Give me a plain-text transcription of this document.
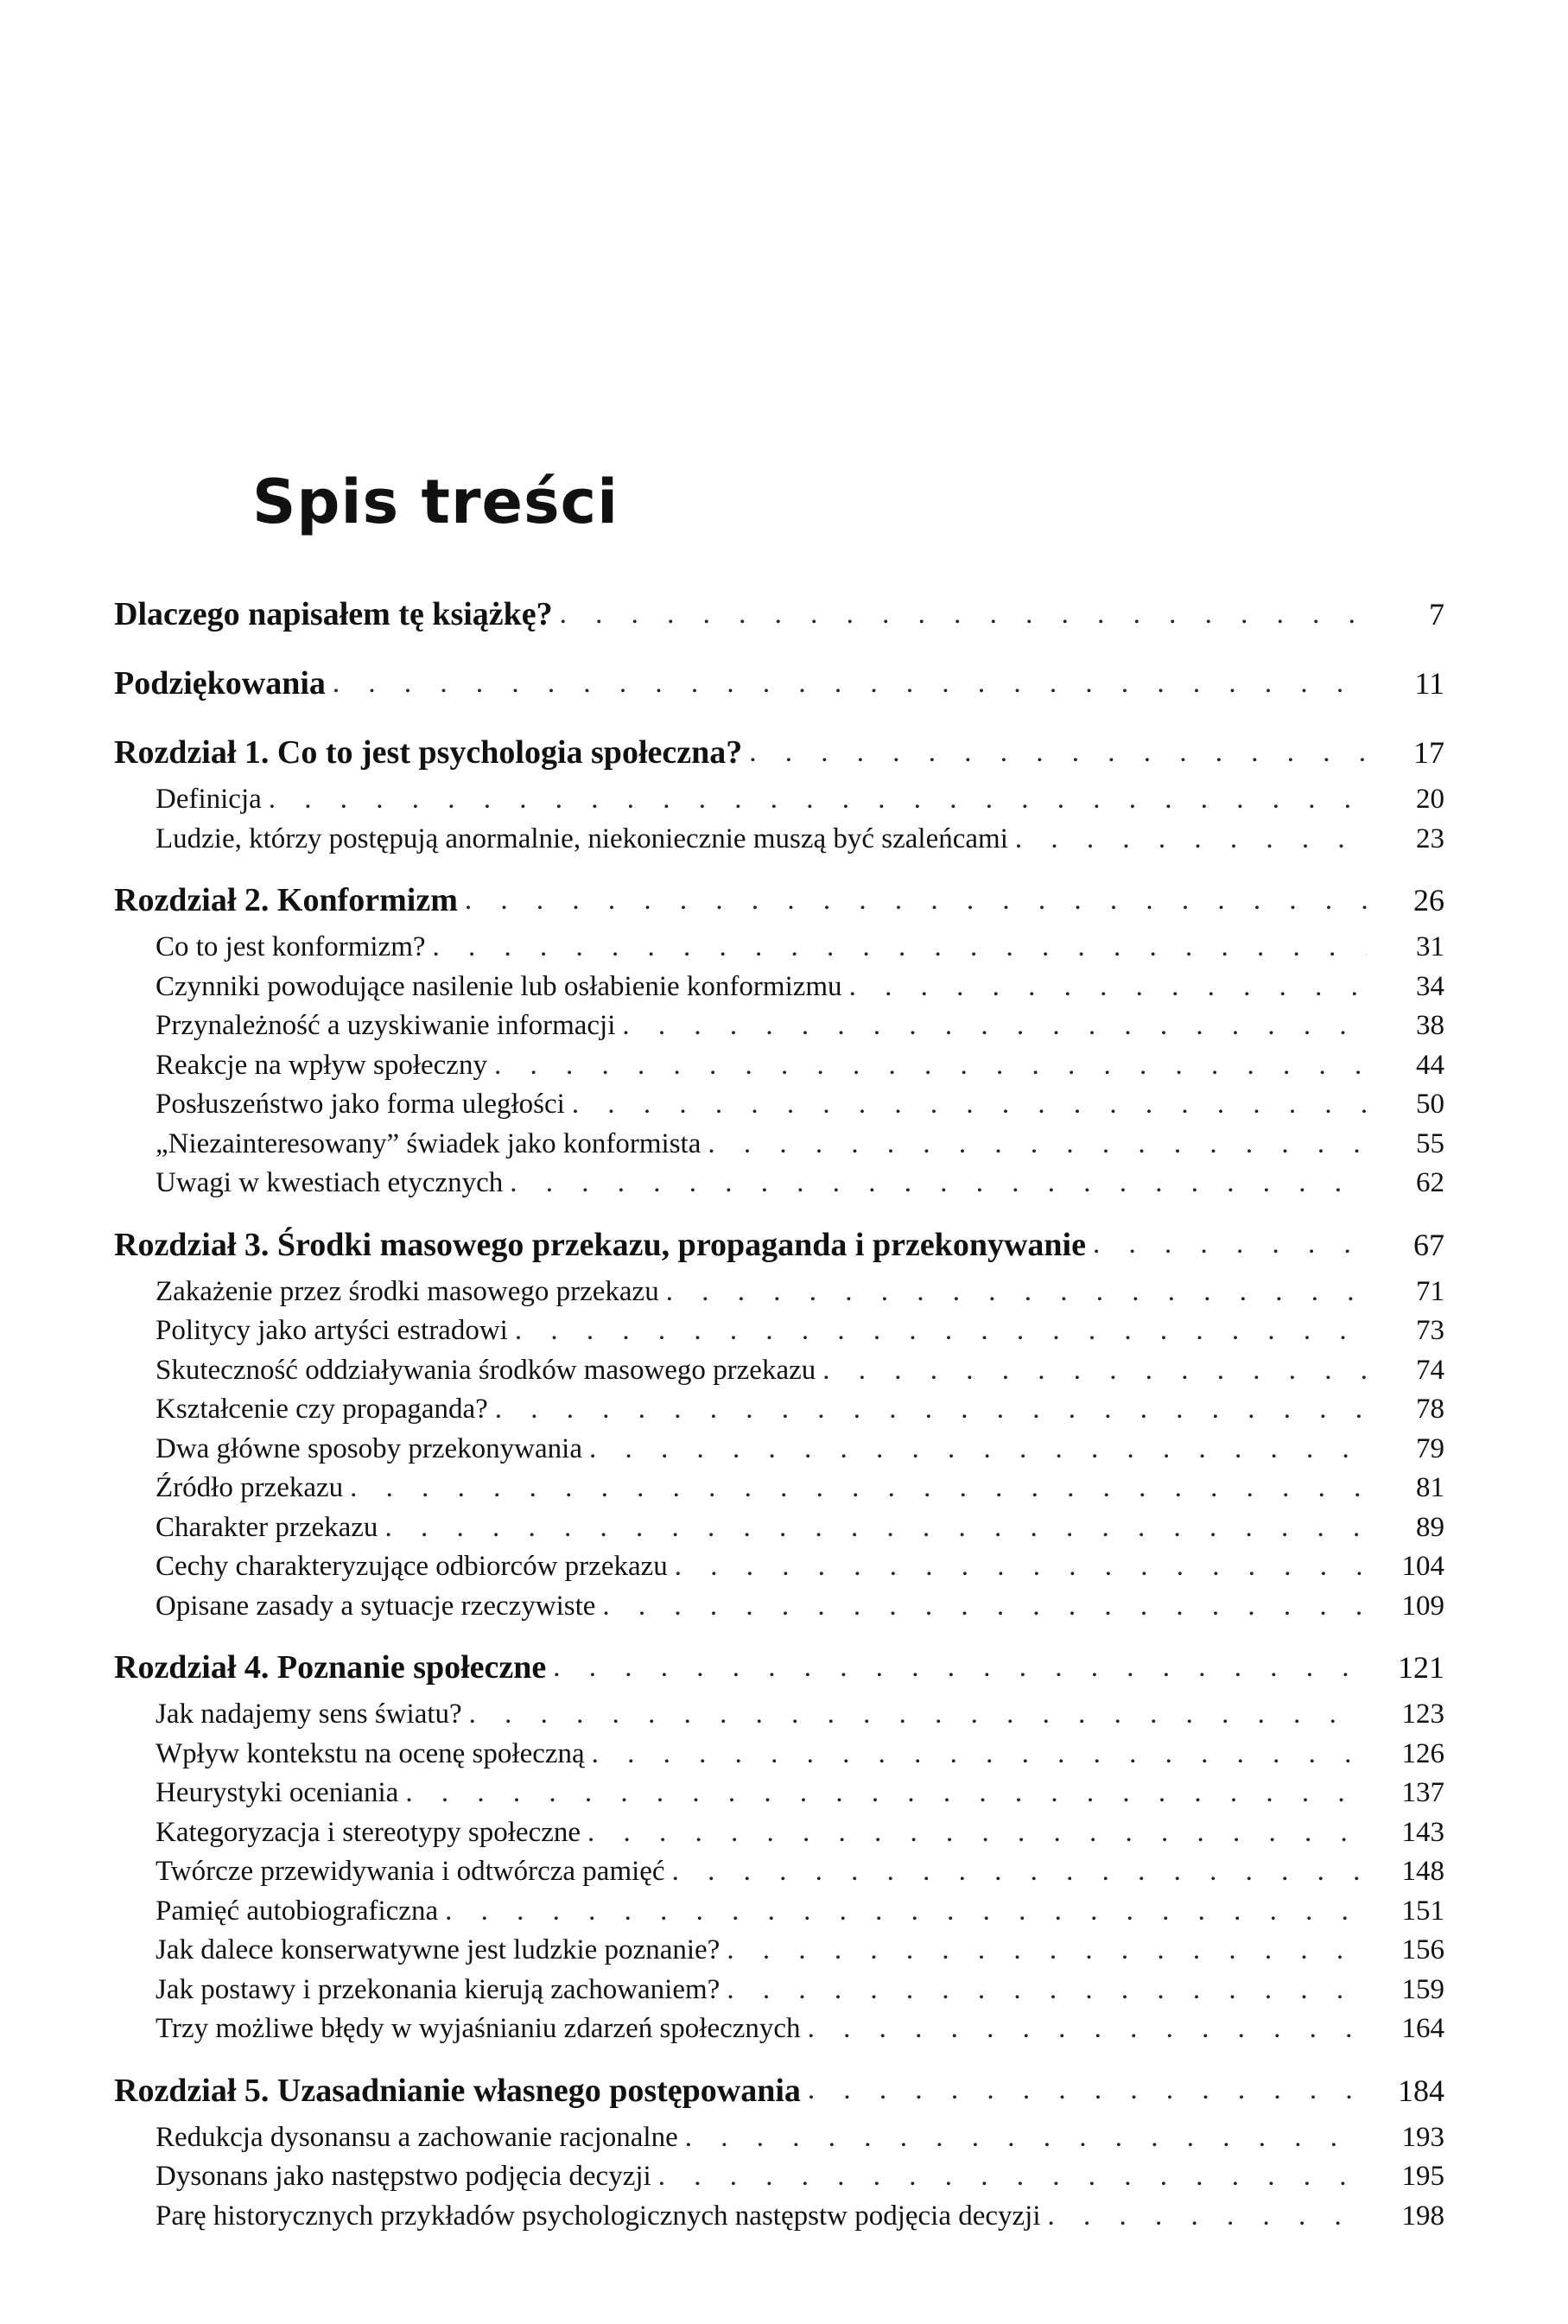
Spis treści
Dlaczego napisałem tę książkę? . . .	7
Podziękowania . . .	11
Rozdział 1. Co to jest psychologia społeczna? . . .	17
Definicja . . .	20
Ludzie, którzy postępują anormalnie, niekoniecznie muszą być szaleńcami . . .	23
Rozdział 2. Konformizm . . .	26
Co to jest konformizm? . . .	31
Czynniki powodujące nasilenie lub osłabienie konformizmu . . .	34
Przynależność a uzyskiwanie informacji . . .	38
Reakcje na wpływ społeczny . . .	44
Posłuszeństwo jako forma uległości . . .	50
„Niezainteresowany” świadek jako konformista . . .	55
Uwagi w kwestiach etycznych . . .	62
Rozdział 3. Środki masowego przekazu, propaganda i przekonywanie . . .	67
Zakażenie przez środki masowego przekazu . . .	71
Politycy jako artyści estradowi . . .	73
Skuteczność oddziaływania środków masowego przekazu . . .	74
Kształcenie czy propaganda? . . .	78
Dwa główne sposoby przekonywania . . .	79
Źródło przekazu . . .	81
Charakter przekazu . . .	89
Cechy charakteryzujące odbiorców przekazu . . .	104
Opisane zasady a sytuacje rzeczywiste . . .	109
Rozdział 4. Poznanie społeczne . . .	121
Jak nadajemy sens światu? . . .	123
Wpływ kontekstu na ocenę społeczną . . .	126
Heurystyki oceniania . . .	137
Kategoryzacja i stereotypy społeczne . . .	143
Twórcze przewidywania i odtwórcza pamięć . . .	148
Pamięć autobiograficzna . . .	151
Jak dalece konserwatywne jest ludzkie poznanie? . . .	156
Jak postawy i przekonania kierują zachowaniem? . . .	159
Trzy możliwe błędy w wyjaśnianiu zdarzeń społecznych . . .	164
Rozdział 5. Uzasadnianie własnego postępowania . . .	184
Redukcja dysonansu a zachowanie racjonalne . . .	193
Dysonans jako następstwo podjęcia decyzji . . .	195
Parę historycznych przykładów psychologicznych następstw podjęcia decyzji . . .	198
